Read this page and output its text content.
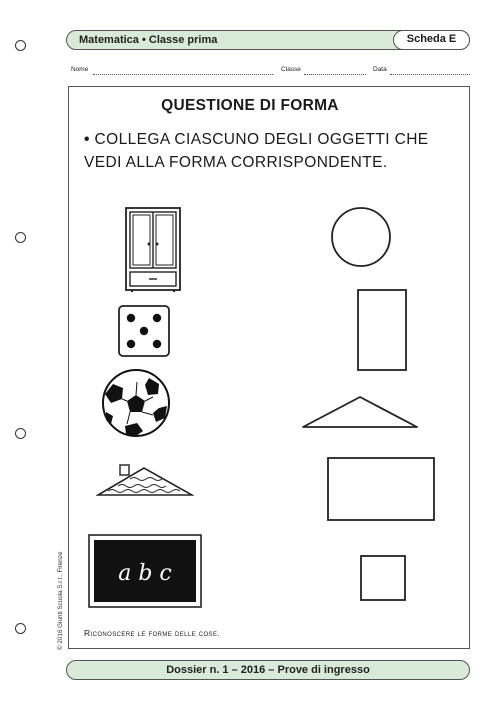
Matematica • Classe prima	Scheda E
Nome	Classe	Data
QUESTIONE DI FORMA
• COLLEGA CIASCUNO DEGLI OGGETTI CHE VEDI ALLA FORMA CORRISPONDENTE.
a b c
Riconoscere le forme delle cose.
© 2016 Giunti Scuola S.r.l., Firenze
Dossier n. 1 – 2016 – Prove di ingresso
